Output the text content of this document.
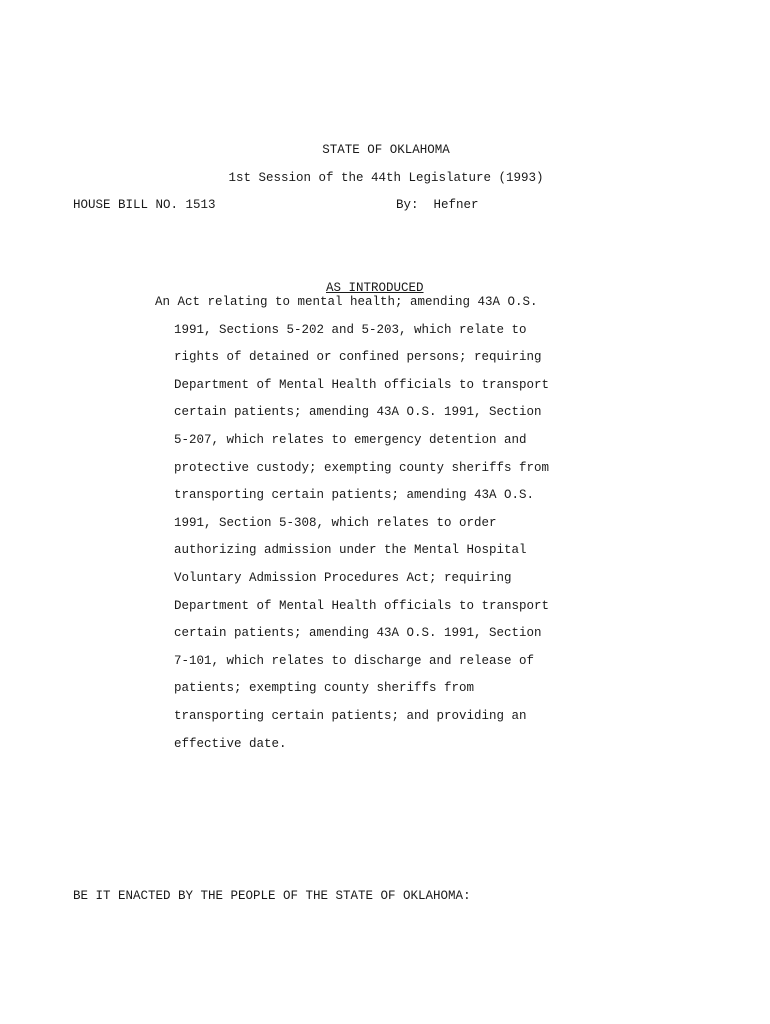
STATE OF OKLAHOMA
1st Session of the 44th Legislature (1993)
HOUSE BILL NO. 1513	By:  Hefner
AS INTRODUCED
An Act relating to mental health; amending 43A O.S.
1991, Sections 5-202 and 5-203, which relate to
rights of detained or confined persons; requiring
Department of Mental Health officials to transport
certain patients; amending 43A O.S. 1991, Section
5-207, which relates to emergency detention and
protective custody; exempting county sheriffs from
transporting certain patients; amending 43A O.S.
1991, Section 5-308, which relates to order
authorizing admission under the Mental Hospital
Voluntary Admission Procedures Act; requiring
Department of Mental Health officials to transport
certain patients; amending 43A O.S. 1991, Section
7-101, which relates to discharge and release of
patients; exempting county sheriffs from
transporting certain patients; and providing an
effective date.
BE IT ENACTED BY THE PEOPLE OF THE STATE OF OKLAHOMA:
